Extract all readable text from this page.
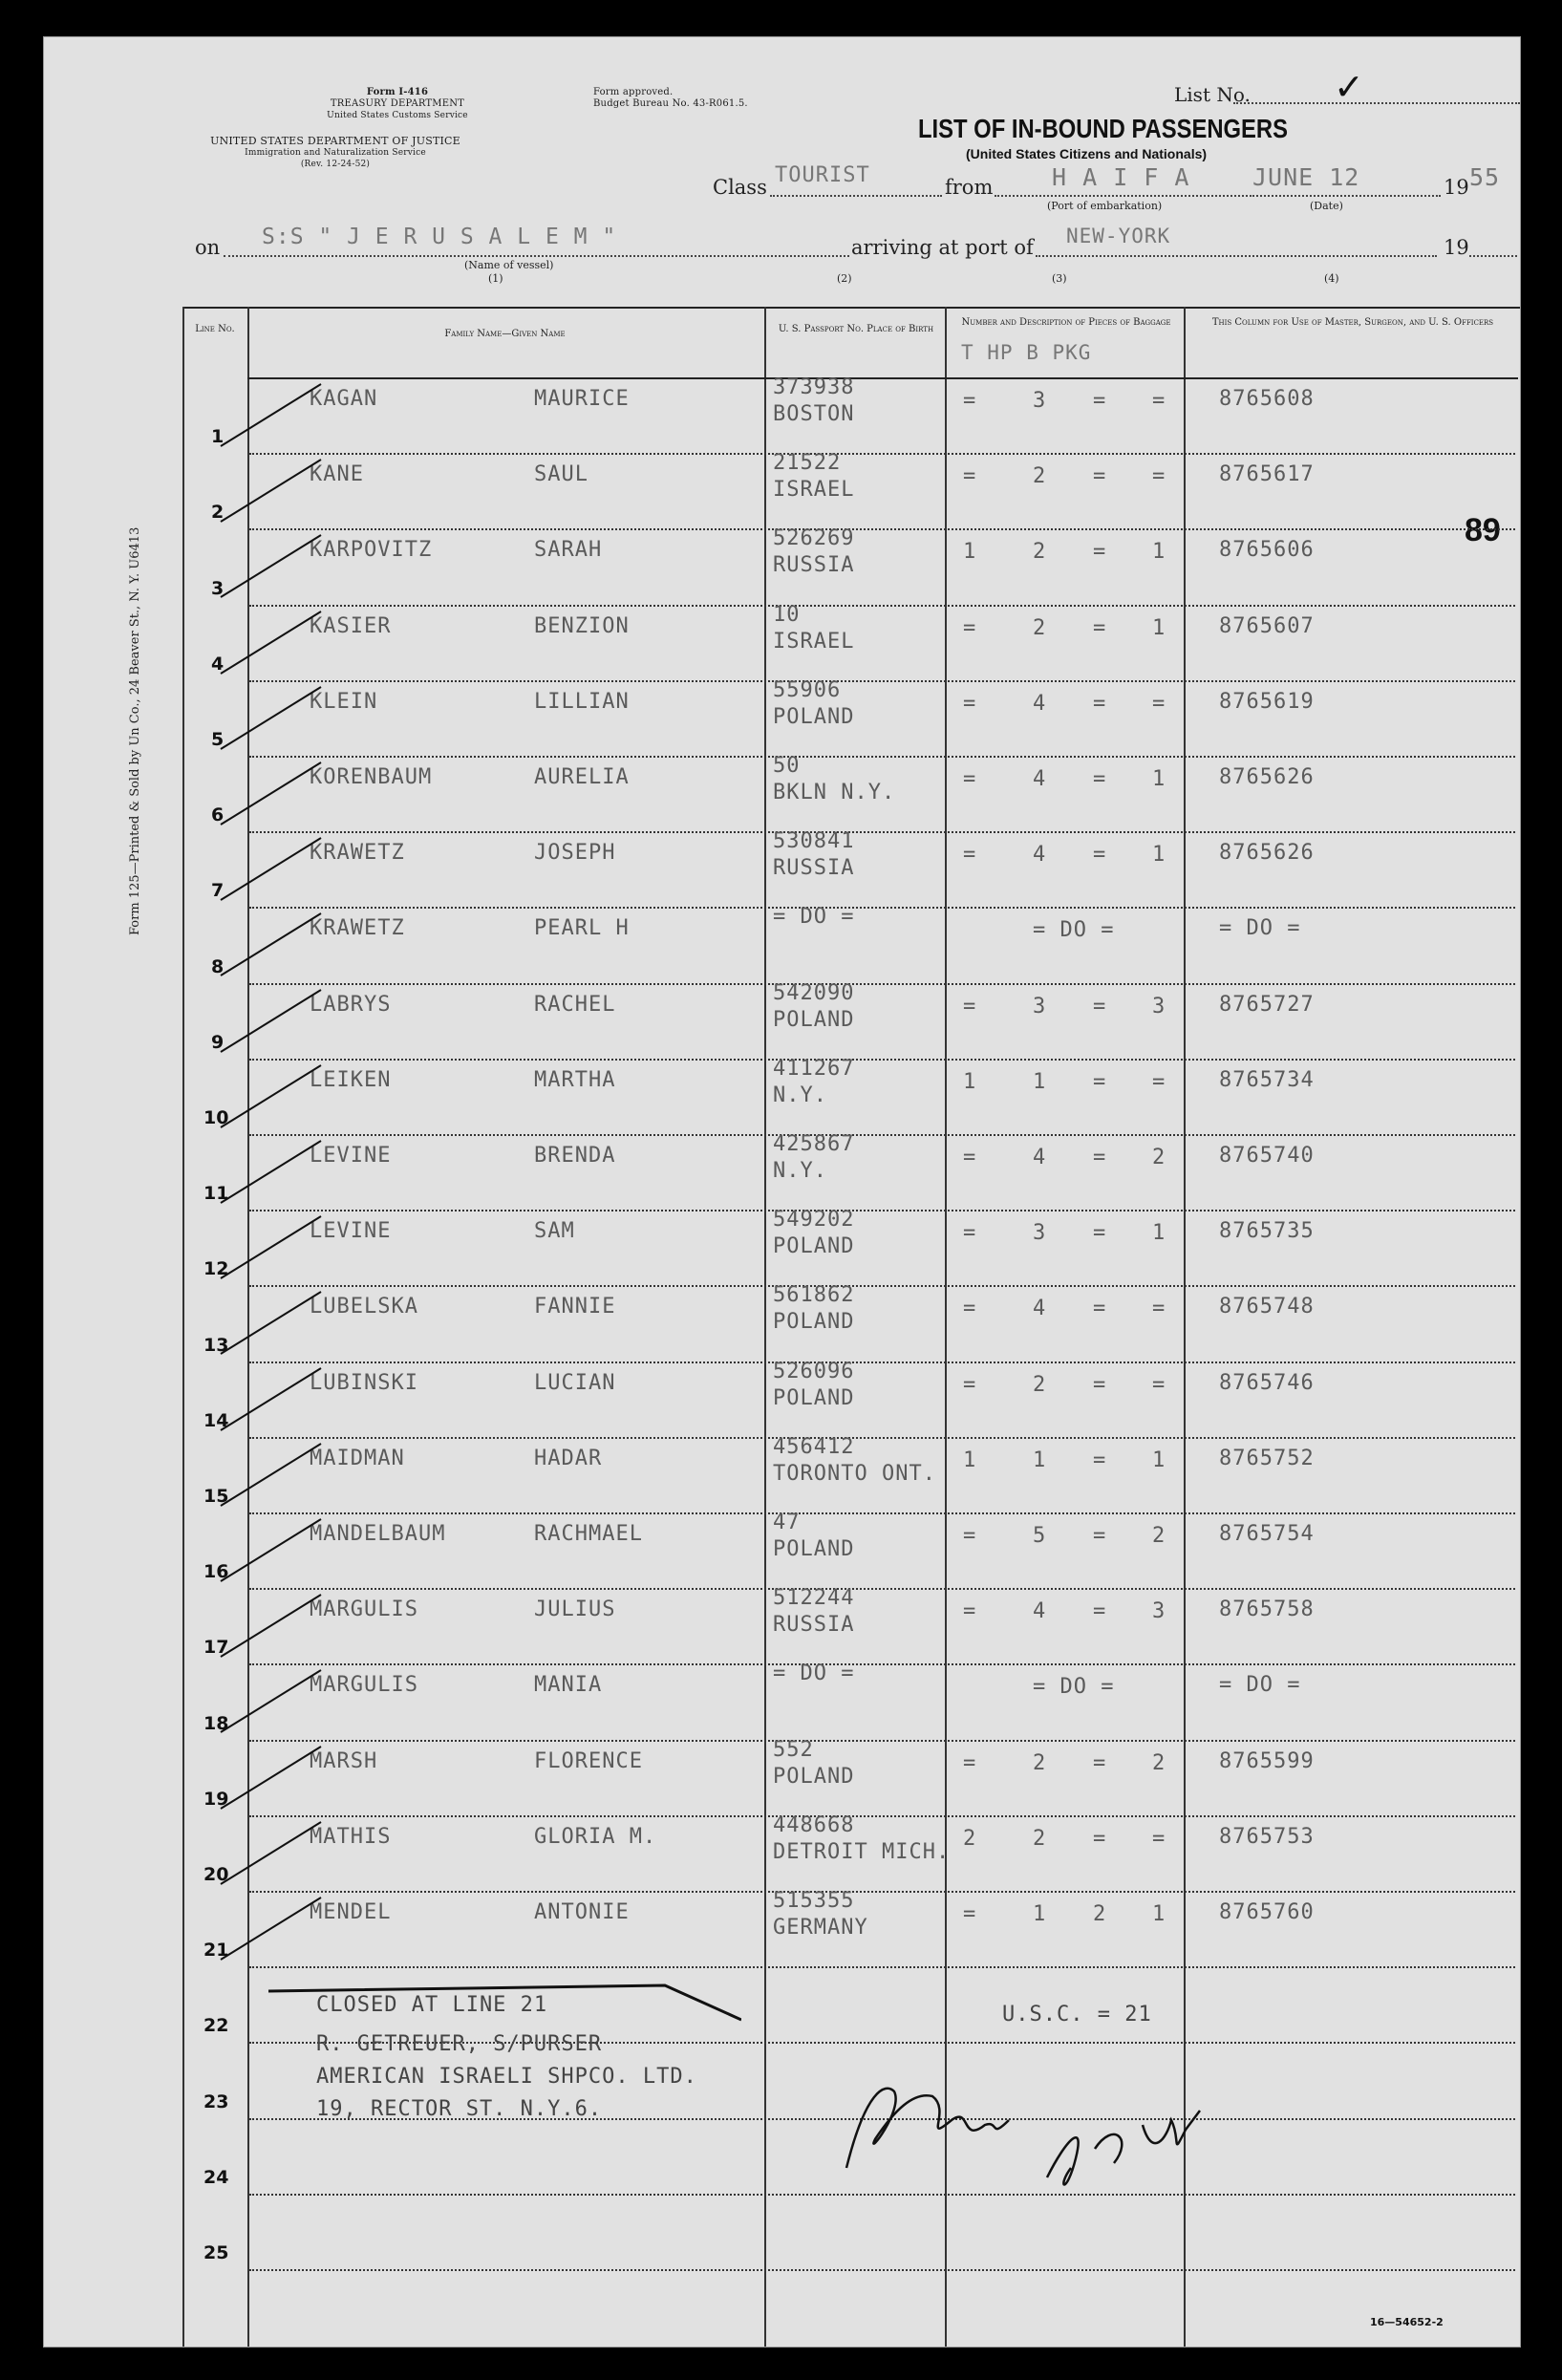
Form I-416
TREASURY DEPARTMENT
United States Customs Service
UNITED STATES DEPARTMENT OF JUSTICE
Immigration and Naturalization Service
(Rev. 12-24-52)
Form approved.
Budget Bureau No. 43-R061.5.	List No. ✓
LIST OF IN-BOUND PASSENGERS
(United States Citizens and Nationals)
Class TOURIST	from H A I F A
(Port of embarkation)
JUNE 12	19 55
(Date)
on S:S " J E R U S A L E M "
(Name of vessel)
(1)
arriving at port of
(2)
NEW-YORK
(3)
19
(4)
Form 125—Printed & Sold by Un Co., 24 Beaver St., N. Y. U6413
Line No.	Family Name—Given Name	U. S. Passport No. Place of Birth
Number and Description of Pieces of Baggage
T HP B PKG
This Column for Use of Master, Surgeon, and U. S. Officers
89
1
KAGAN	MAURICE	373938
BOSTON
=	3 = =	8765608
2
KANE	SAUL	21522
ISRAEL
=	2 = =	8765617
3
KARPOVITZ	SARAH	526269
RUSSIA
1	2 = 1	8765606
4
KASIER	BENZION	10
ISRAEL
=	2 = 1	8765607
5
KLEIN	LILLIAN	55906
POLAND
=	4 = =	8765619
6
KORENBAUM	AURELIA	50
BKLN N.Y.
=	4 = 1	8765626
7
KRAWETZ	JOSEPH	530841
RUSSIA
=	4 = 1	8765626
8
KRAWETZ	PEARL H	= DO =
= DO =	= DO =
9
LABRYS	RACHEL	542090
POLAND
=	3 = 3	8765727
10
LEIKEN	MARTHA	411267
N.Y.
1	1 = =	8765734
11
LEVINE	BRENDA	425867
N.Y.
=	4 = 2	8765740
12
LEVINE	SAM	549202
POLAND
=	3 = 1	8765735
13
LUBELSKA	FANNIE	561862
POLAND
=	4 = =	8765748
14
LUBINSKI	LUCIAN	526096
POLAND
=	2 = =	8765746
15
MAIDMAN	HADAR	456412
TORONTO ONT.
1	1 = 1	8765752
16
MANDELBAUM	RACHMAEL	47
POLAND
=	5 = 2	8765754
17
MARGULIS	JULIUS	512244
RUSSIA
=	4 = 3	8765758
18
MARGULIS	MANIA	= DO =
= DO =	= DO =
19
MARSH	FLORENCE	552
POLAND
=	2 = 2	8765599
20
MATHIS	GLORIA M.	448668
DETROIT MICH.
2	2 = =	8765753
21
MENDEL	ANTONIE	515355
GERMANY
=	1 2 1	8765760
22
23
24
25
CLOSED AT LINE 21
R. GETREUER, S/PURSER
AMERICAN ISRAELI SHPCO. LTD.
19, RECTOR ST. N.Y.6.
U.S.C. = 21
16—54652-2
